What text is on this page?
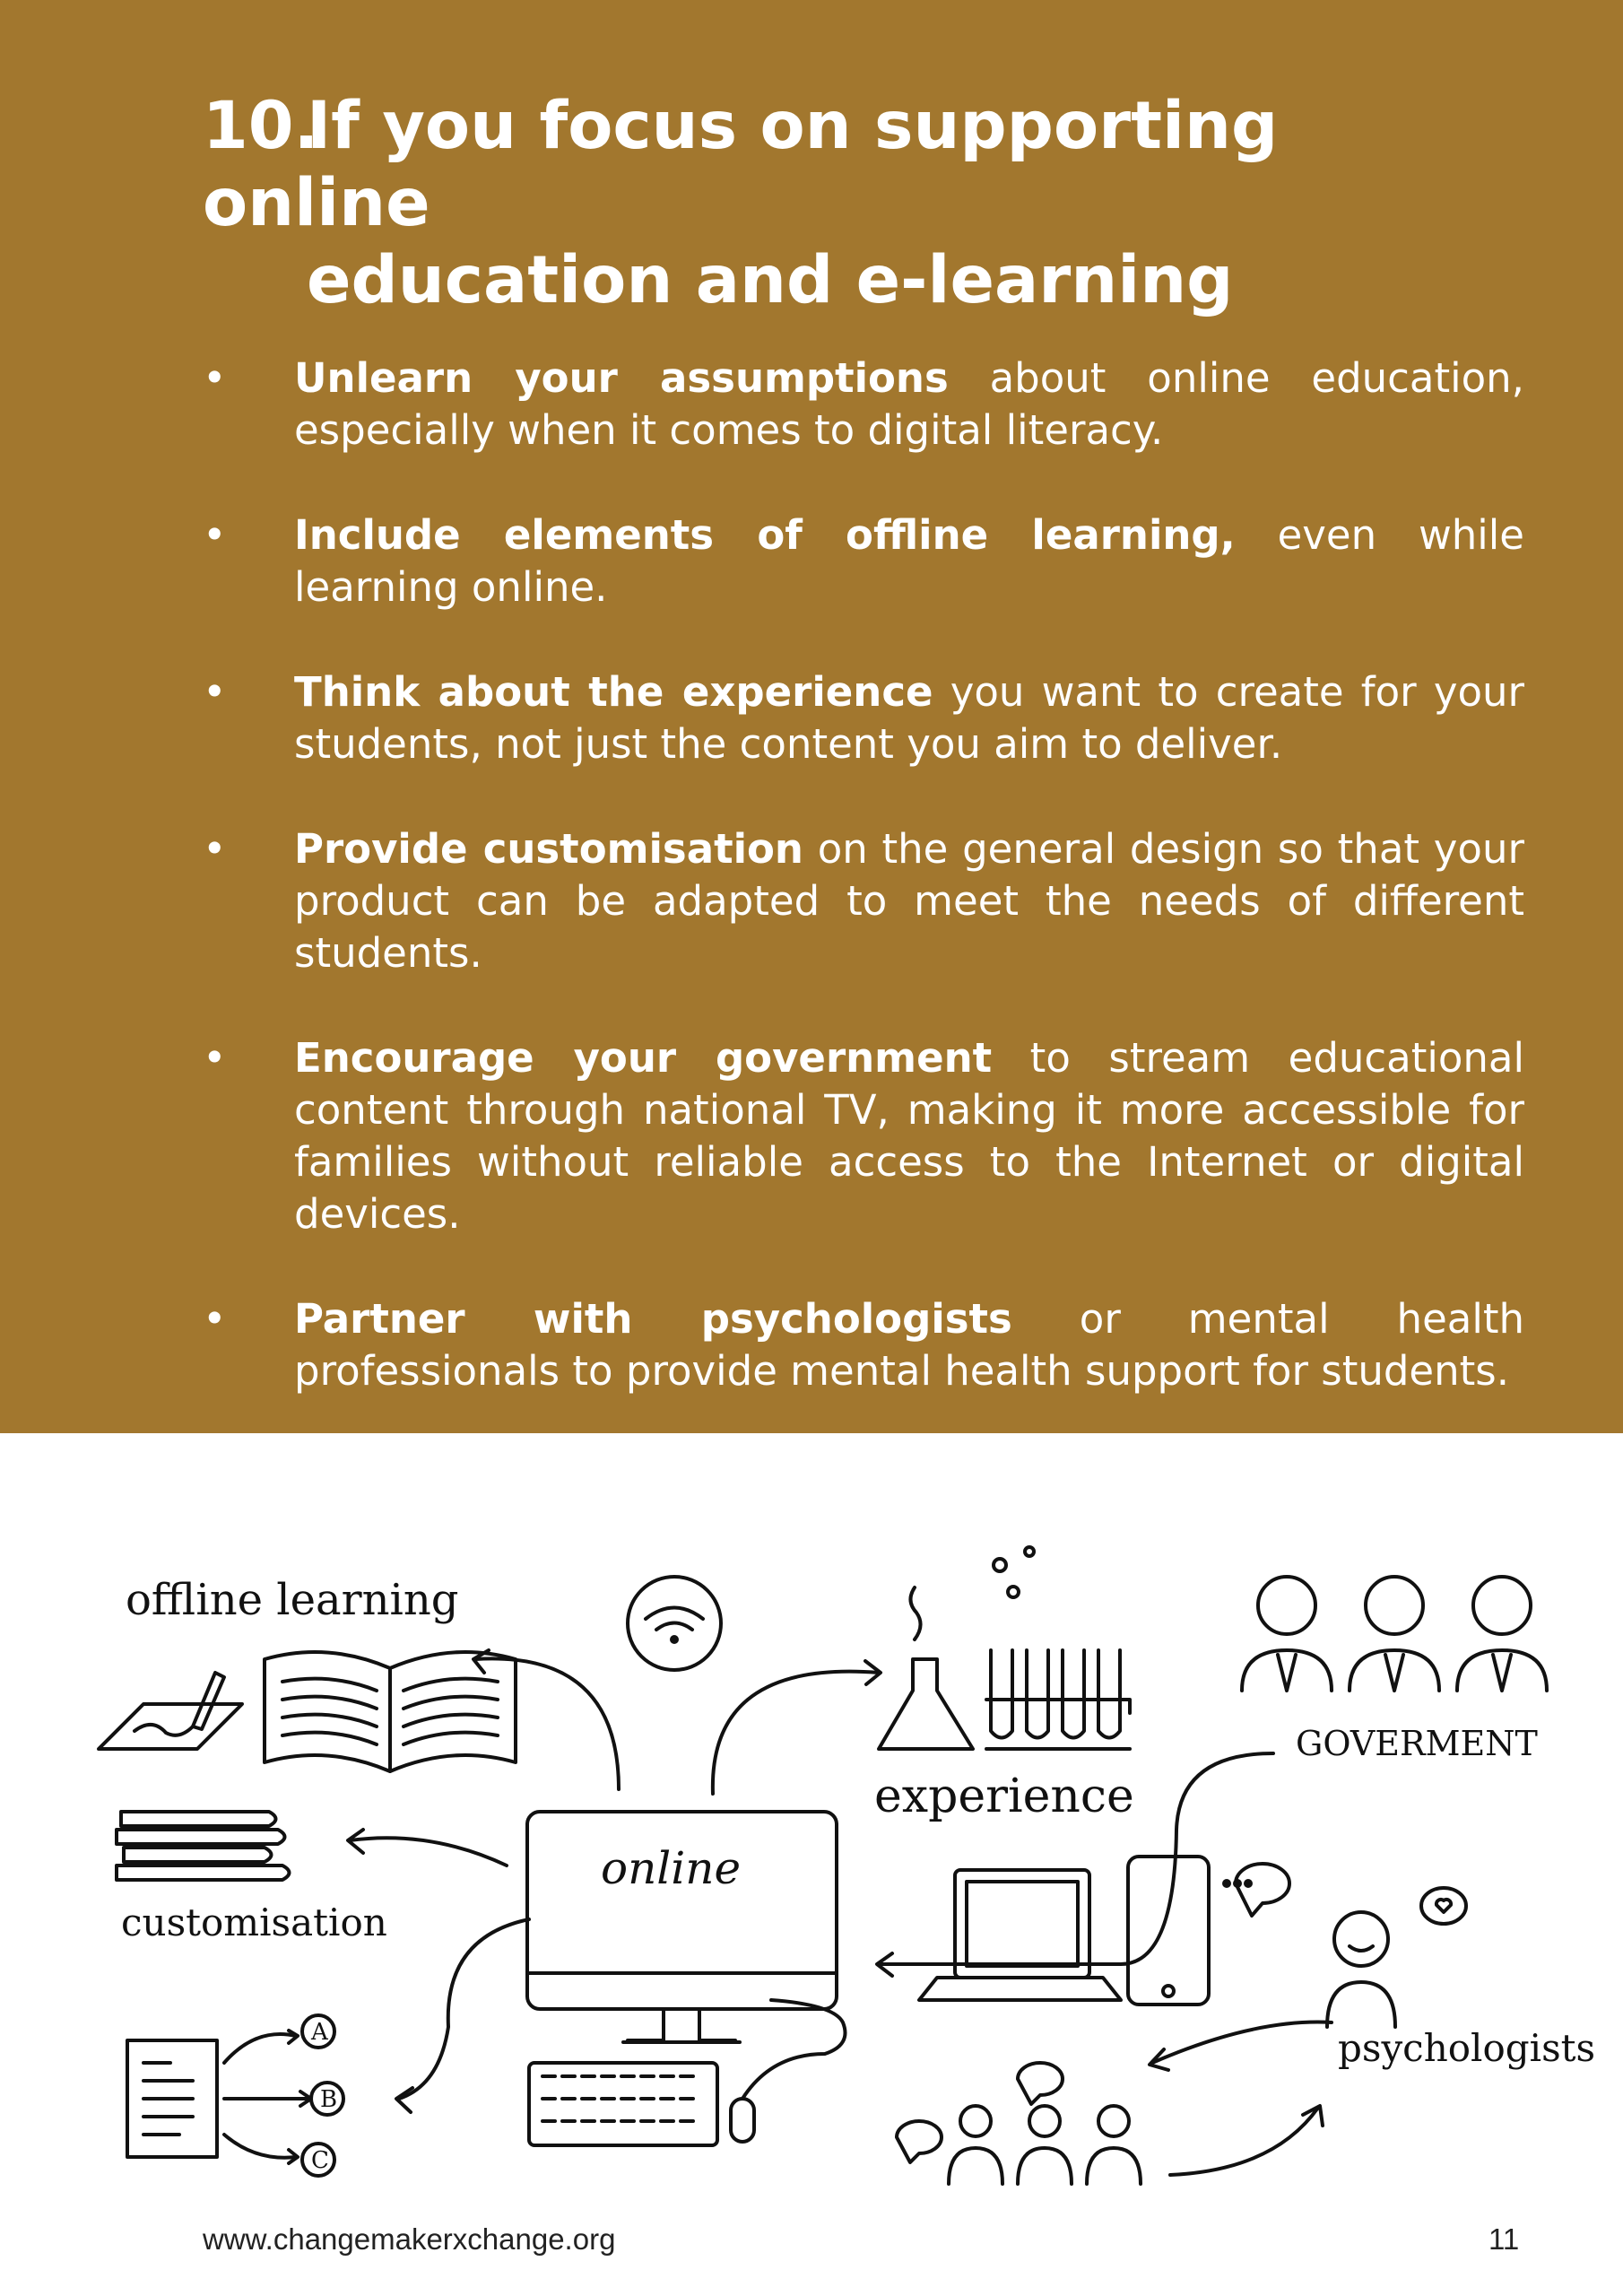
10.If you focus on supporting online
education and e-learning
• Unlearn your assumptions about online education, especially when it comes to digital literacy.
• Include elements of offline learning, even while learning online.
• Think about the experience you want to create for your students, not just the content you aim to deliver.
• Provide customisation on the general design so that your product can be adapted to meet the needs of different students.
• Encourage your government to stream educational content through national TV, making it more accessible for families without reliable access to the Internet or digital devices.
• Partner with psychologists or mental health professionals to provide mental health support for students.
offline learning
experience
GOVERMENT
online
customisation
psychologists
A
B
C
www.changemakerxchange.org	11
